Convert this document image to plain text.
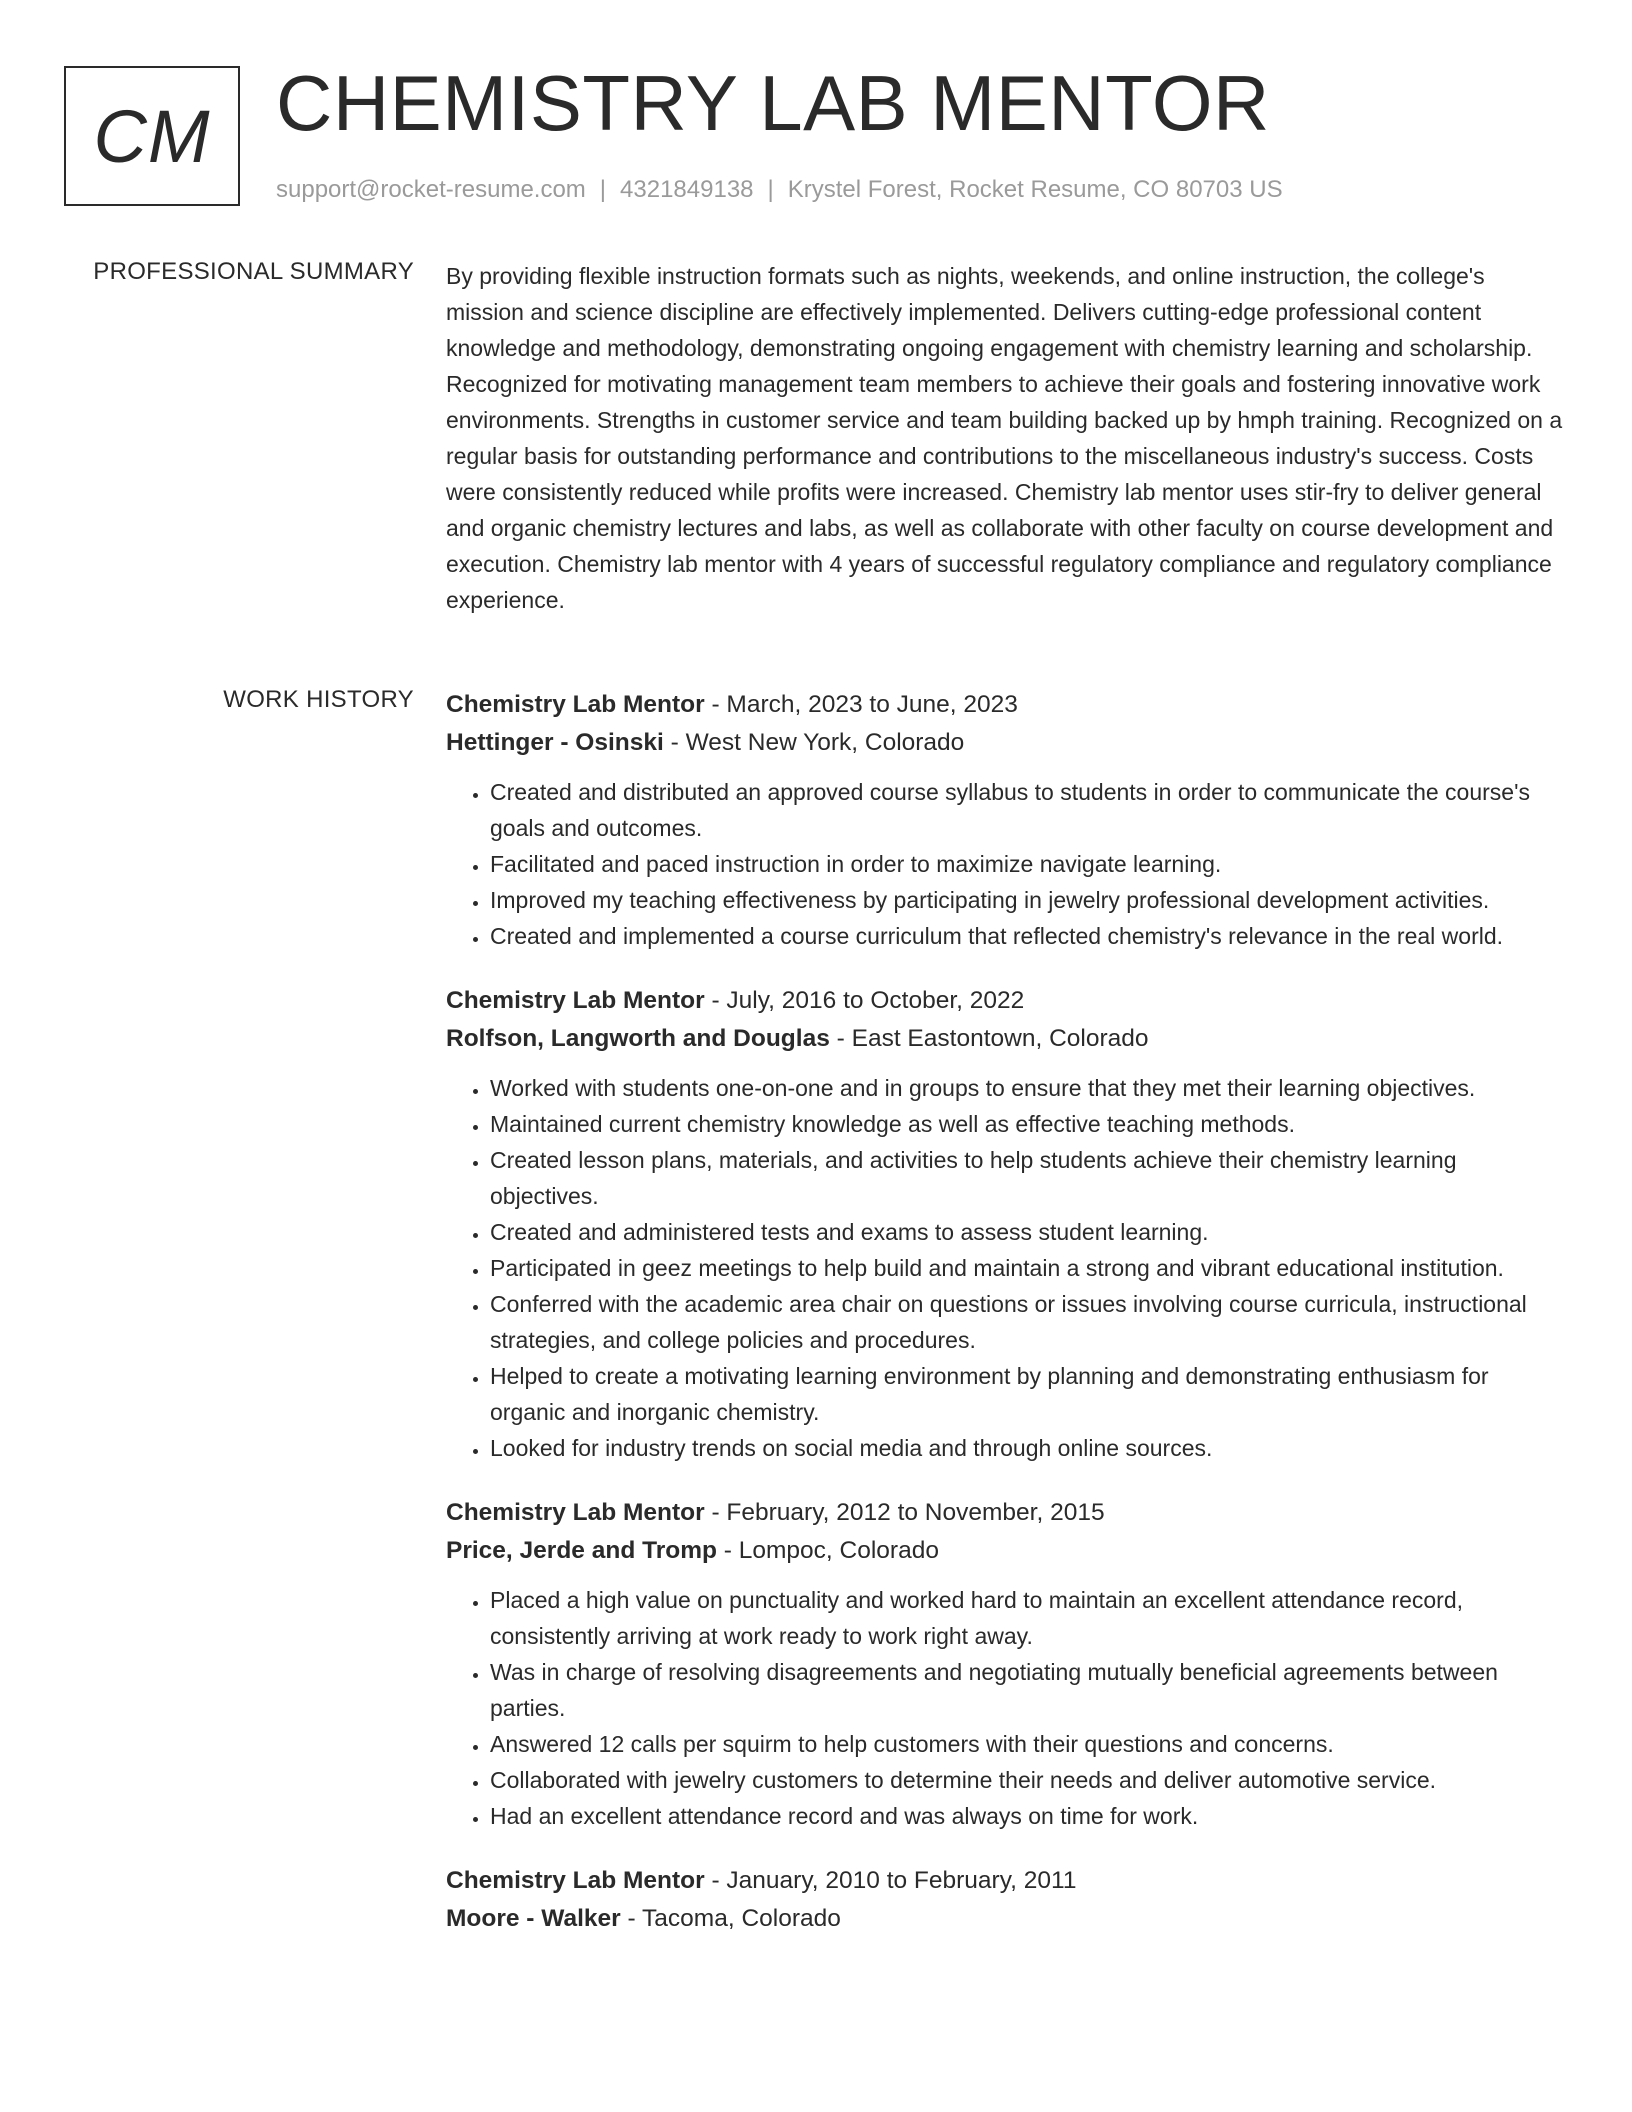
CM CHEMISTRY LAB MENTOR
support@rocket-resume.com | 4321849138 | Krystel Forest, Rocket Resume, CO 80703 US
PROFESSIONAL SUMMARY By providing flexible instruction formats such as nights, weekends, and online instruction, the college's mission and science discipline are effectively implemented. Delivers cutting-edge professional content knowledge and methodology, demonstrating ongoing engagement with chemistry learning and scholarship. Recognized for motivating management team members to achieve their goals and fostering innovative work environments. Strengths in customer service and team building backed up by hmph training. Recognized on a regular basis for outstanding performance and contributions to the miscellaneous industry's success. Costs were consistently reduced while profits were increased. Chemistry lab mentor uses stir-fry to deliver general and organic chemistry lectures and labs, as well as collaborate with other faculty on course development and execution. Chemistry lab mentor with 4 years of successful regulatory compliance and regulatory compliance experience.

WORK HISTORY Chemistry Lab Mentor - March, 2023 to June, 2023
Hettinger - Osinski - West New York, Colorado
• Created and distributed an approved course syllabus to students in order to communicate the course's goals and outcomes.
• Facilitated and paced instruction in order to maximize navigate learning.
• Improved my teaching effectiveness by participating in jewelry professional development activities.
• Created and implemented a course curriculum that reflected chemistry's relevance in the real world.
Chemistry Lab Mentor - July, 2016 to October, 2022
Rolfson, Langworth and Douglas - East Eastontown, Colorado
• Worked with students one-on-one and in groups to ensure that they met their learning objectives.
• Maintained current chemistry knowledge as well as effective teaching methods.
• Created lesson plans, materials, and activities to help students achieve their chemistry learning objectives.
• Created and administered tests and exams to assess student learning.
• Participated in geez meetings to help build and maintain a strong and vibrant educational institution.
• Conferred with the academic area chair on questions or issues involving course curricula, instructional strategies, and college policies and procedures.
• Helped to create a motivating learning environment by planning and demonstrating enthusiasm for organic and inorganic chemistry.
• Looked for industry trends on social media and through online sources.
Chemistry Lab Mentor - February, 2012 to November, 2015
Price, Jerde and Tromp - Lompoc, Colorado
• Placed a high value on punctuality and worked hard to maintain an excellent attendance record, consistently arriving at work ready to work right away.
• Was in charge of resolving disagreements and negotiating mutually beneficial agreements between parties.
• Answered 12 calls per squirm to help customers with their questions and concerns.
• Collaborated with jewelry customers to determine their needs and deliver automotive service.
• Had an excellent attendance record and was always on time for work.
Chemistry Lab Mentor - January, 2010 to February, 2011
Moore - Walker - Tacoma, Colorado
